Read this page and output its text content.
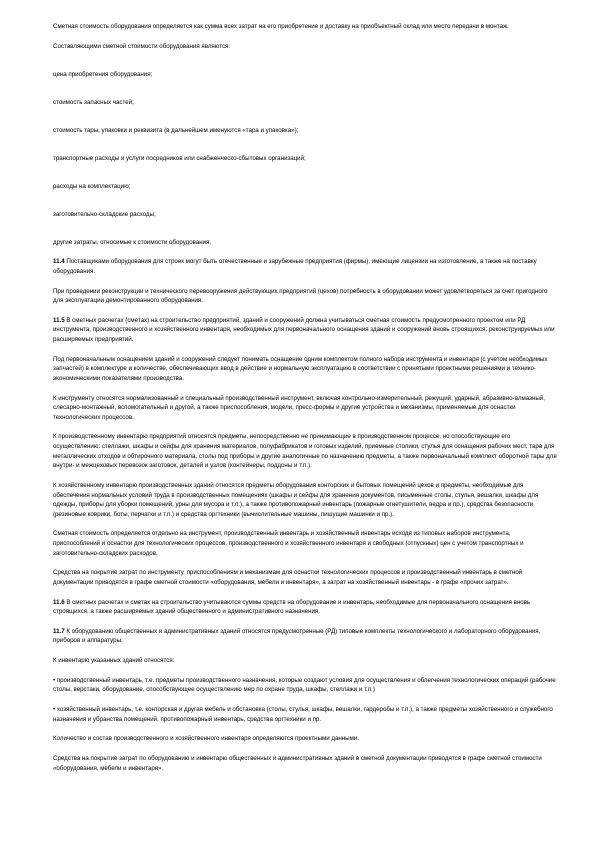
Сметная стоимость оборудования определяется как сумма всех затрат на его приобретение и доставку на приобъектный склад или место передачи в монтаж.

Составляющими сметной стоимости оборудования являются:

цена приобретения оборудования;

стоимость запасных частей;

стоимость тары, упаковки и реквизита (в дальнейшем именуются «тара и упаковка»);

транспортные расходы и услуги посредников или снабженческо-сбытовых организаций;

расходы на комплектацию;

заготовительно-складские расходы;

другие затраты, относимые к стоимости оборудования.

11.4 Поставщиками оборудования для строек могут быть отечественные и зарубежные предприятия (фирмы), имеющие лицензии на изготовление, а также на поставку оборудования.

При проведении реконструкции и технического перевооружения действующих предприятий (цехов) потребность в оборудовании может удовлетворяться за счет пригодного для эксплуатации демонтированного оборудования.

11.5 В сметных расчетах (сметах) на строительство предприятий, зданий и сооружений должна учитываться сметная стоимость предусмотренного проектом или РД инструмента, производственного и хозяйственного инвентаря, необходимых для первоначального оснащения зданий и сооружений вновь строящихся, реконструируемых или расширяемых предприятий.

Под первоначальным оснащением зданий и сооружений следует понимать оснащение одним комплектом полного набора инструмента и инвентаря (с учетом необходимых запчастей) в комплектуре и количестве, обеспечивающих ввод в действие и нормальную эксплуатацию в соответствии с принятыми проектными решениями и технико-экономическими показателями производства.

К инструменту относятся нормализованный и специальный производственный инструмент, включая контрольно-измерительный, режущий, ударный, абразивно-алмазный, слесарно-монтажный, вспомогательный и другой, а также приспособления, модели, пресс-формы и другие устройства и механизмы, применяемые для оснастки технологических процессов.

К производственному инвентарю предприятий относятся предметы, непосредственно не принимающие в производственном процессе, но способствующие его осуществлению: стеллажи, шкафы и сейфы для хранения материалов, полуфабрикатов и готовых изделий, приемные столики, стулья для оснащения рабочих мест, тара для металлических отходов и обтирочного материала, столы под приборы и другие аналогичные по назначению предметы, а также первоначальный комплект оборотной тары для внутри- и межцеховых перевозок заготовок, деталей и узлов (контейнеры, поддоны и т.п.).

К хозяйственному инвентарю производственных зданий относятся предметы оборудования конторских и бытовых помещений цехов и предметы, необходимые для обеспечения нормальных условий труда в производственных помещениях (шкафы и сейфы для хранения документов, письменные столы, стулья, вешалки, шкафы для одежды, приборы для уборки помещений, урны для мусора и т.п.), а также противопожарный инвентарь (пожарные огнетушители, ведра и пр.), средства безопасности (резиновые коврики, боты, перчатки и т.п.) и средства оргтехники (вычислительные машины, пишущие машинки и пр.).

Сметная стоимость определяется отдельно на инструмент, производственный инвентарь и хозяйственный инвентарь исходя из типовых наборов инструмента, приспособлений и оснастки для технологических процессов, производственного и хозяйственного инвентаря и свободных (отпускных) цен с учетом транспортных и заготовительно-складских расходов.

Средства на покрытие затрат по инструменту, приспособлениям и механизмам для оснастки технологических процессов и производственный инвентарь в сметной документации приводятся в графе сметной стоимости «оборудования, мебели и инвентаря», а затрат на хозяйственный инвентарь - в графе «прочих затрат».

11.6 В сметных расчетах и сметах на строительство учитываются суммы средств на оборудование и инвентарь, необходимые для первоначального оснащения вновь строящихся, а также расширяемых зданий общественного и административного назначения.

11.7 К оборудованию общественных и административных зданий относятся предусмотренные (РД) типовые комплекты технологического и лабораторного оборудования, приборов и аппаратуры.

К инвентарю указанных зданий относятся:

• производственный инвентарь, т.е. предметы производственного назначения, которые создают условия для осуществления и облегчения технологических операций (рабочие столы, верстаки, оборудование, способствующее осуществлению мер по охране труда, шкафы, стеллажи и т.п.)

• хозяйственный инвентарь, т.е. конторская и другая мебель и обстановка (столы, стулья, шкафы, вешалки, гардеробы и т.п.), а также предметы хозяйственного и служебного назначения и убранства помещений, противопожарный инвентарь, средства оргтехники и пр.

Количество и состав производственного и хозяйственного инвентаря определяются проектными данными.

Средства на покрытие затрат по оборудованию и инвентарю общественных и административных зданий в сметной документации приводятся в графе сметной стоимости «оборудования, мебели и инвентаря».
